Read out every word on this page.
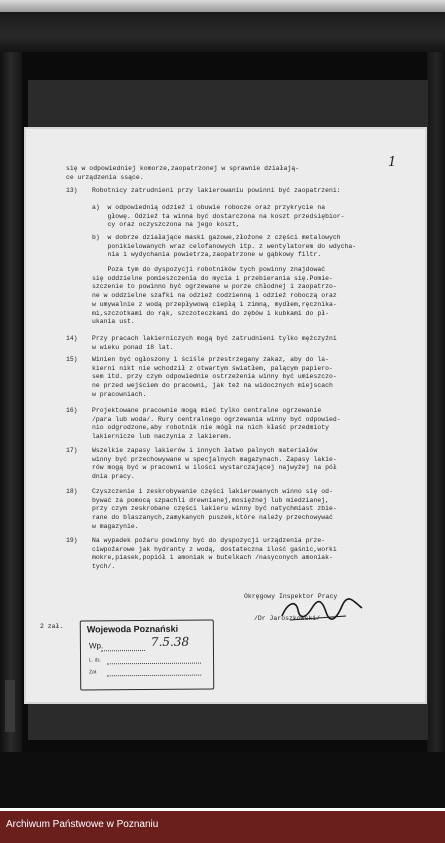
się w odpowiedniej komorze,zaopatrzonej w sprawnie działają-
ce urządzenia ssące.

1

13) Robotnicy zatrudnieni przy lakierowaniu powinni być zaopatrzeni:

a)  w odpowiednią odzież i obuwie robocze oraz przykrycie na
głowę. Odzież ta winna być dostarczona na koszt przedsiębior-
cy oraz oczyszczona na jego koszt,

b)  w dobrze działające maski gazowe,złożone z części metalowych
ponikielowanych wraz celofanowych itp. z wentylatorem do wdycha-
nia i wydychania powietrza,zaopatrzone w gąbkowy filtr.

Poza tym do dyspozycji robotników tych powinny znajdować
się oddzielne pomieszczenia do mycia i przebierania się.Pomie-
szczenie to powinno być ogrzewane w porze chłodnej i zaopatrzo-
ne w oddzielne szafki na odzież codzienną i odzież roboczą oraz
w umywalnie z wodą przepływową ciepłą i zimną, mydłem,ręcznika-
mi,szczotkami do rąk, szczoteczkami do zębów i kubkami do pł-
ukania ust.

14) Przy pracach lakierniczych mogą być zatrudnieni tylko mężczyźni
w wieku ponad 18 lat.

15) Winien być ogłoszony i ściśle przestrzegany zakaz, aby do la-
kierni nikt nie wchodził z otwartym światłem, palącym papiero-
sem itd. przy czym odpowiednie ostrzeżenia winny być umieszczo-
ne przed wejściem do pracowni, jak też na widocznych miejscach
w pracowniach.

16) Projektowane pracownie mogą mieć tylko centralne ogrzewanie
/para lub woda/. Rury centralnego ogrzewania winny być odpowied-
nio odgrodzone,aby robotnik nie mógł na nich kłaść przedmioty
lakiernicze lub naczynia z lakierem.

17) Wszelkie zapasy lakierów i innych łatwo palnych materiałów
winny być przechowywane w specjalnych magazynach. Zapasy lakie-
rów mogą być w pracowni w ilości wystarczającej najwyżej na pół
dnia pracy.

18) Czyszczenie i zeskrobywanie części lakierowanych winno się od-
bywać za pomocą szpachli drewnianej,mosiężnej lub miedzianej,
przy czym zeskrobane części lakieru winny być natychmiast zbie-
rane do blaszanych,zamykanych puszek,które należy przechowywać
w magazynie.

19) Na wypadek pożaru powinny być do dyspozycji urządzenia prze-
ciwpożarowe jak hydranty z wodą, dostateczna ilość gaśnic,worki
mokre,piasek,popiół i amoniak w butelkach /nasyconych amoniak-
tych/.

Okręgowy Inspektor Pracy

/Dr Jaroszkowski/

2 zał.	Wojewoda Poznański

Wp.	7.5.38

L. dz.

Zał.

Archiwum Państwowe w Poznaniu
